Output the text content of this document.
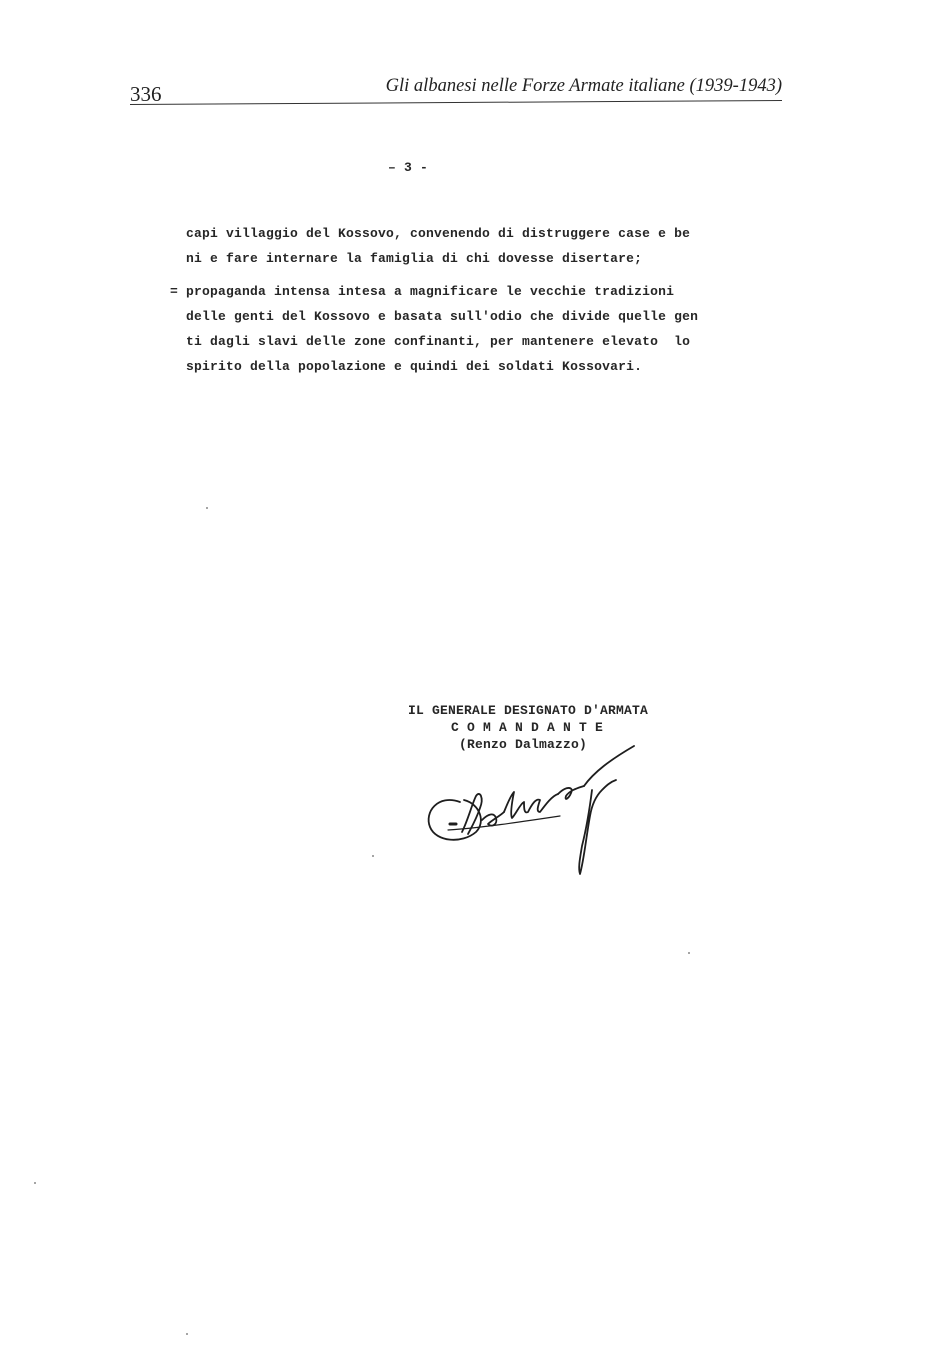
336	Gli albanesi nelle Forze Armate italiane (1939-1943)
– 3 -
capi villaggio del Kossovo, convenendo di distruggere case e be
ni e fare internare la famiglia di chi dovesse disertare;
= propaganda intensa intesa a magnificare le vecchie tradizioni
delle genti del Kossovo e basata sull'odio che divide quelle gen
ti dagli slavi delle zone confinanti, per mantenere elevato  lo
spirito della popolazione e quindi dei soldati Kossovari.
IL GENERALE DESIGNATO D'ARMATA
C O M A N D A N T E
(Renzo Dalmazzo)
